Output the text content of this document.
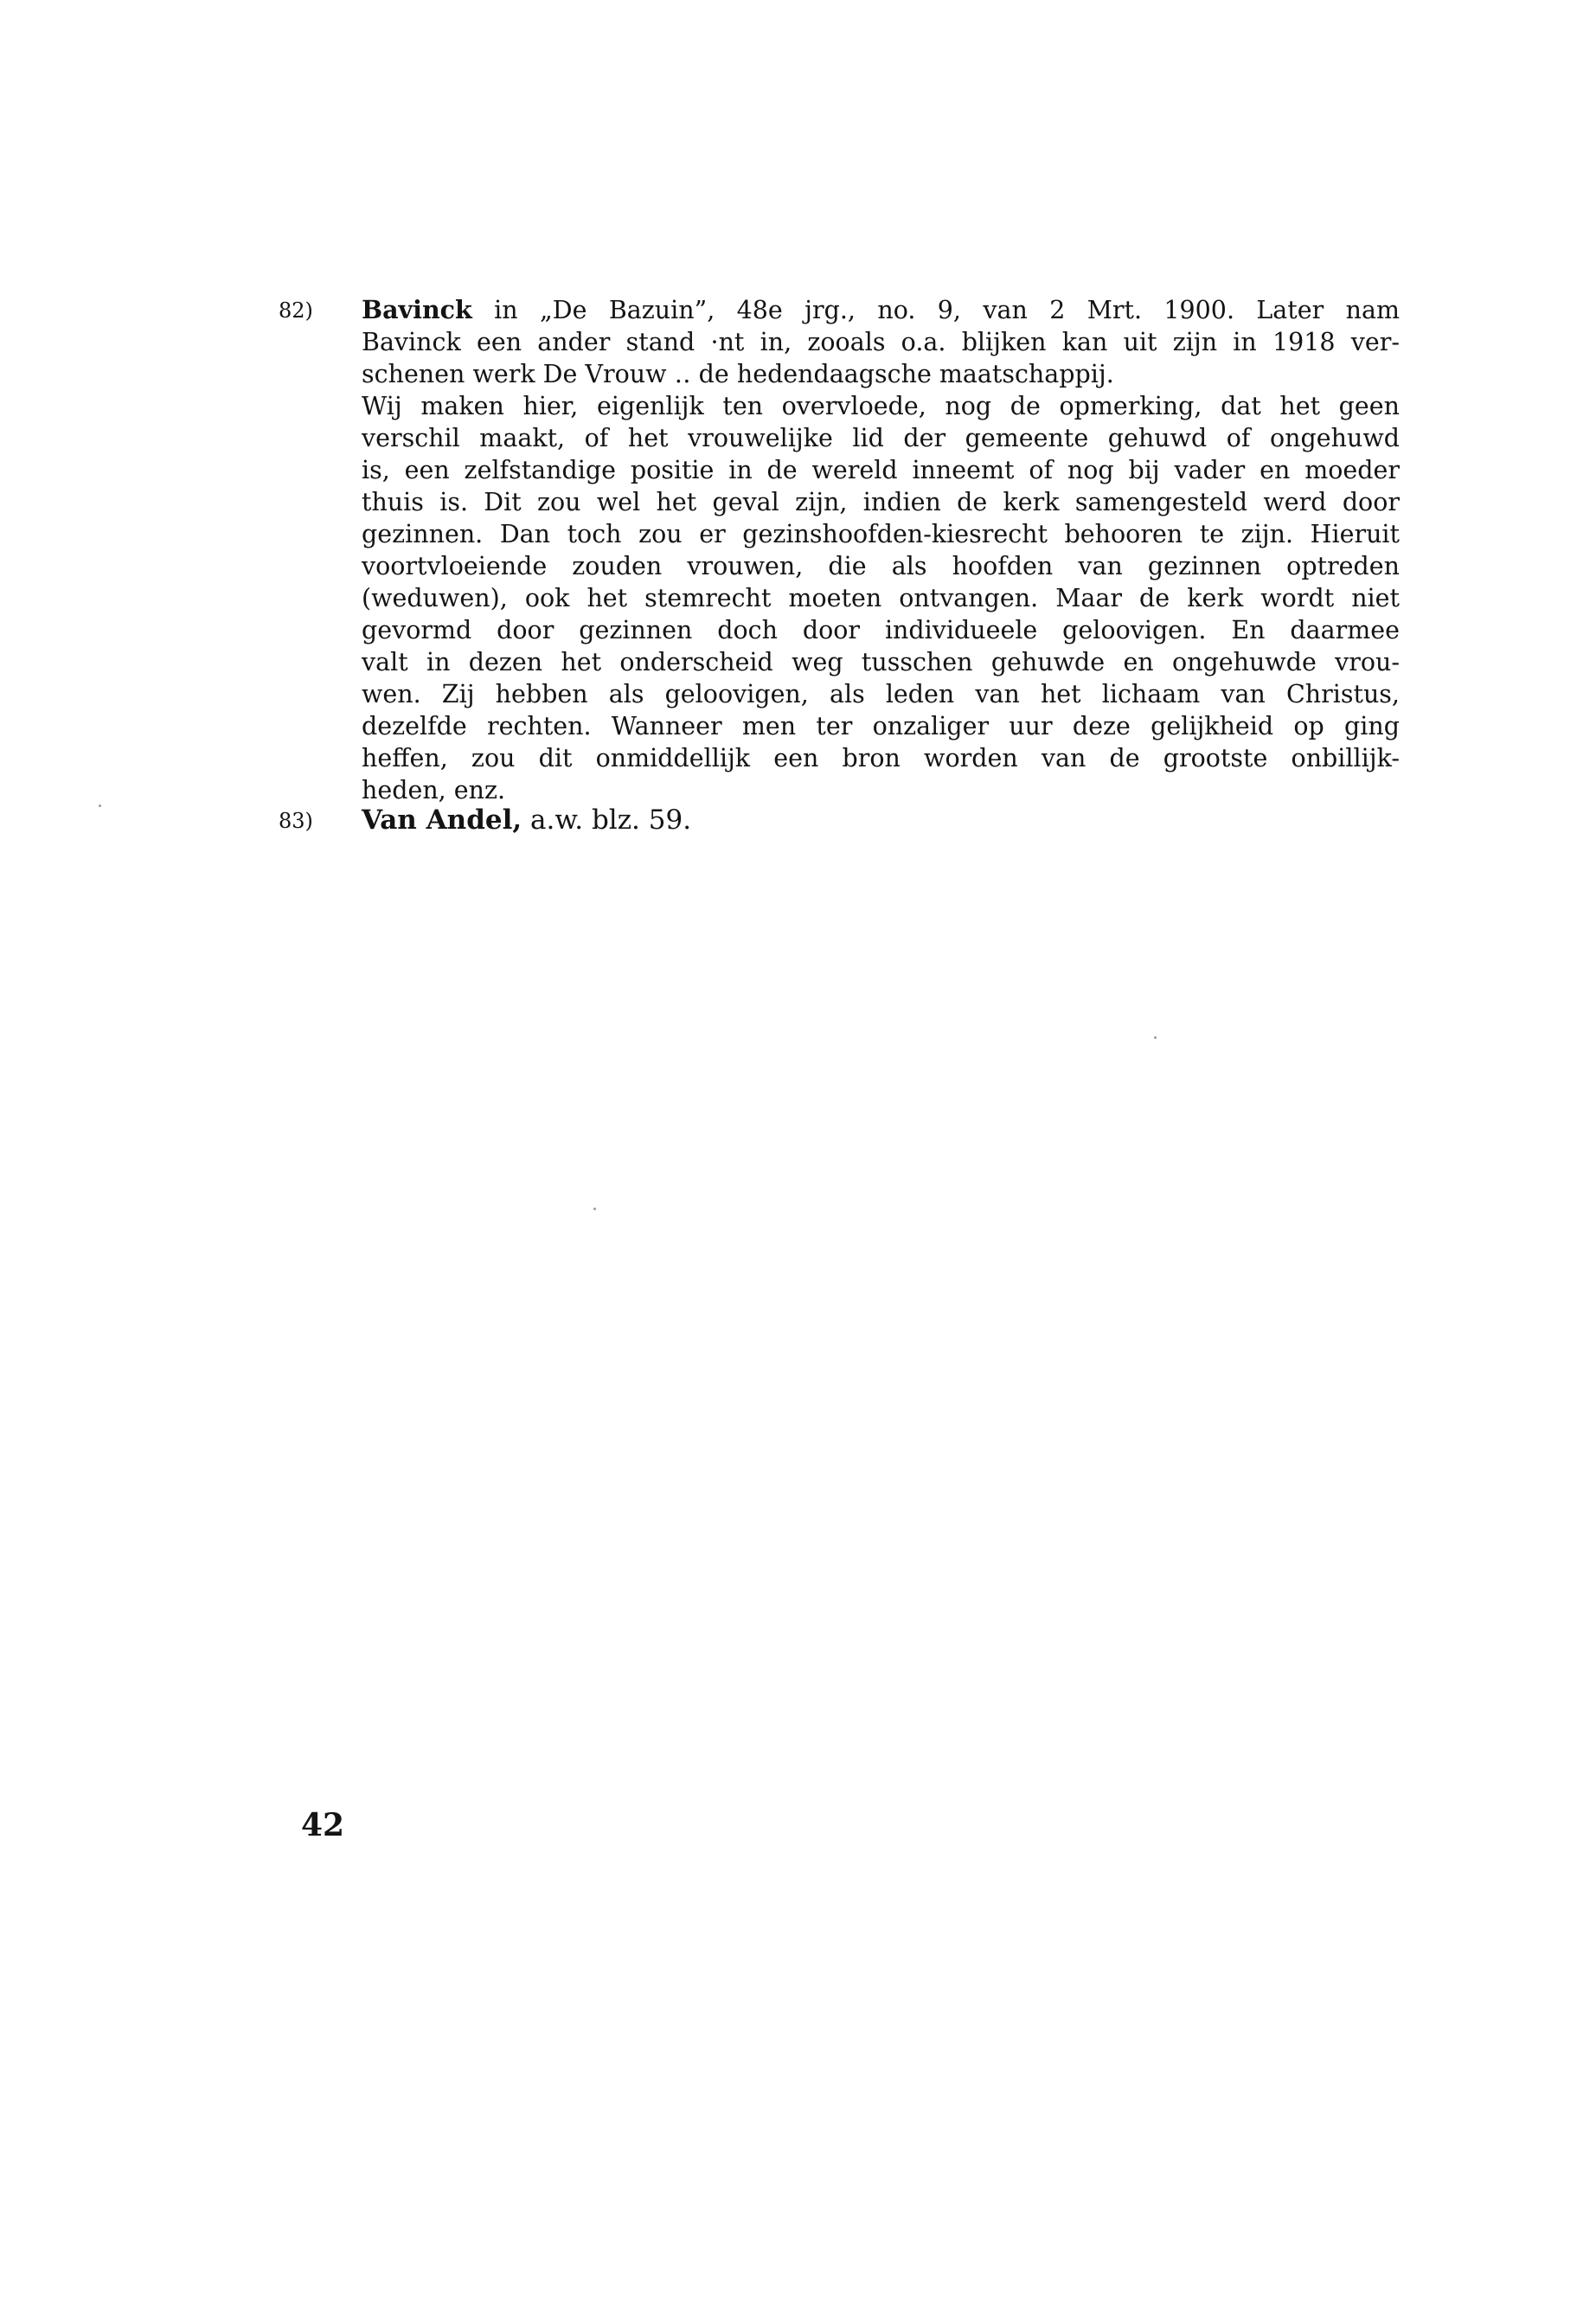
82) Bavinck in „De Bazuin”, 48e jrg., no. 9, van 2 Mrt. 1900. Later nam
Bavinck een ander stand ·nt in, zooals o.a. blijken kan uit zijn in 1918 ver-
schenen werk De Vrouw ‥ de hedendaagsche maatschappij.
Wij maken hier, eigenlijk ten overvloede, nog de opmerking, dat het geen
verschil maakt, of het vrouwelijke lid der gemeente gehuwd of ongehuwd
is, een zelfstandige positie in de wereld inneemt of nog bij vader en moeder
thuis is. Dit zou wel het geval zijn, indien de kerk samengesteld werd door
gezinnen. Dan toch zou er gezinshoofden-kiesrecht behooren te zijn. Hieruit
voortvloeiende zouden vrouwen, die als hoofden van gezinnen optreden
(weduwen), ook het stemrecht moeten ontvangen. Maar de kerk wordt niet
gevormd door gezinnen doch door individueele geloovigen. En daarmee
valt in dezen het onderscheid weg tusschen gehuwde en ongehuwde vrou-
wen. Zij hebben als geloovigen, als leden van het lichaam van Christus,
dezelfde rechten. Wanneer men ter onzaliger uur deze gelijkheid op ging
heffen, zou dit onmiddellijk een bron worden van de grootste onbillijk-
heden, enz.
83) Van Andel, a.w. blz. 59.
42
